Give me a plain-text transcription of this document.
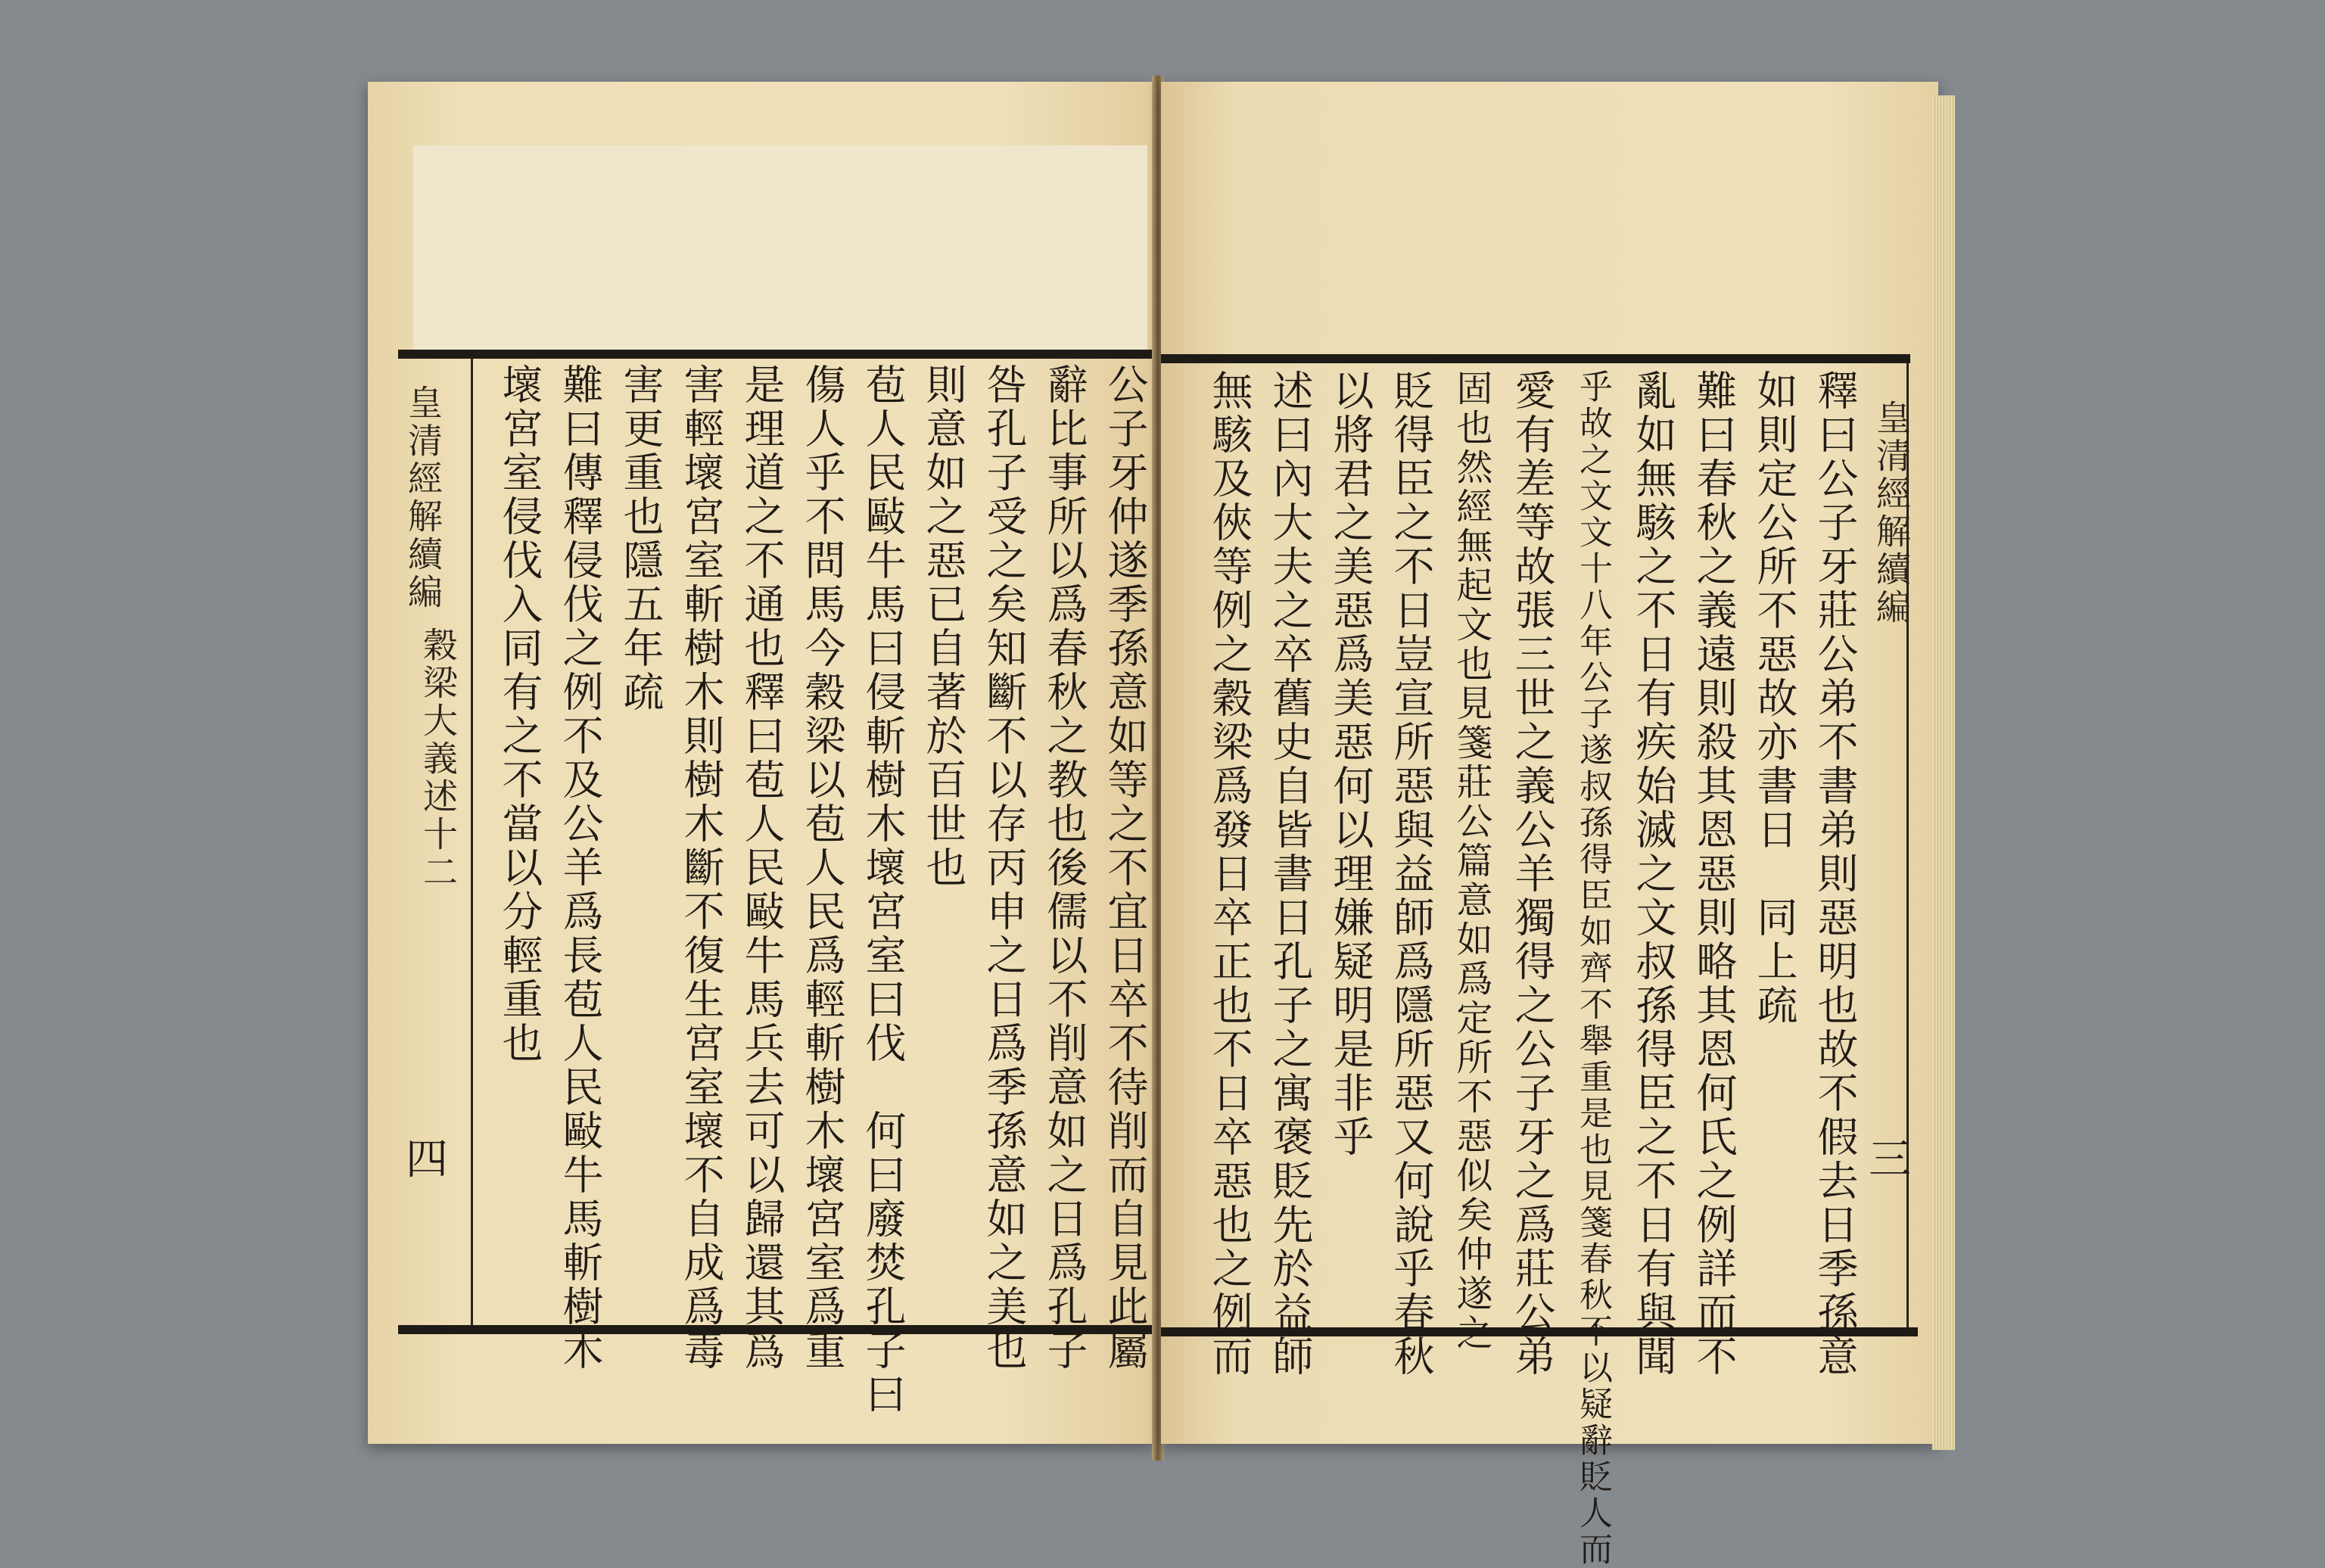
皇清經解續編
穀梁大義述十二
四	公子牙仲遂季孫意如等之不宜日卒不待削而自見此屬
辭比事所以爲春秋之教也後儒以不削意如之日爲孔子
咎孔子受之矣知斷不以存丙申之日爲季孫意如之美也
則意如之惡已自著於百世也
苞人民敺牛馬曰侵斬樹木壞宮室曰伐　何曰廢焚孔子曰
傷人乎不問馬今穀梁以苞人民爲輕斬樹木壞宮室爲重
是理道之不通也釋曰苞人民敺牛馬兵去可以歸還其爲
害輕壞宮室斬樹木則樹木斷不復生宮室壞不自成爲毒
害更重也隱五年疏
難曰傳釋侵伐之例不及公羊爲長苞人民敺牛馬斬樹木
壞宮室侵伐入同有之不當以分輕重也	皇清經解續編
三
釋曰公子牙莊公弟不書弟則惡明也故不假去日季孫意
如則定公所不惡故亦書日　同上疏
難曰春秋之義遠則殺其恩惡則略其恩何氏之例詳而不
亂如無駭之不日有疾始滅之文叔孫得臣之不日有與聞
乎故之文文十八年公子遂叔孫得臣如齊不舉重是也見箋春秋不以疑辭貶人而
愛有差等故張三世之義公羊獨得之公子牙之爲莊公弟
固也然經無起文也見箋莊公篇意如爲定所不惡似矣仲遂之
貶得臣之不日豈宣所惡與益師爲隱所惡又何說乎春秋
以將君之美惡爲美惡何以理嫌疑明是非乎
述曰內大夫之卒舊史自皆書日孔子之寓褒貶先於益師
無駭及俠等例之穀梁爲發日卒正也不日卒惡也之例而
